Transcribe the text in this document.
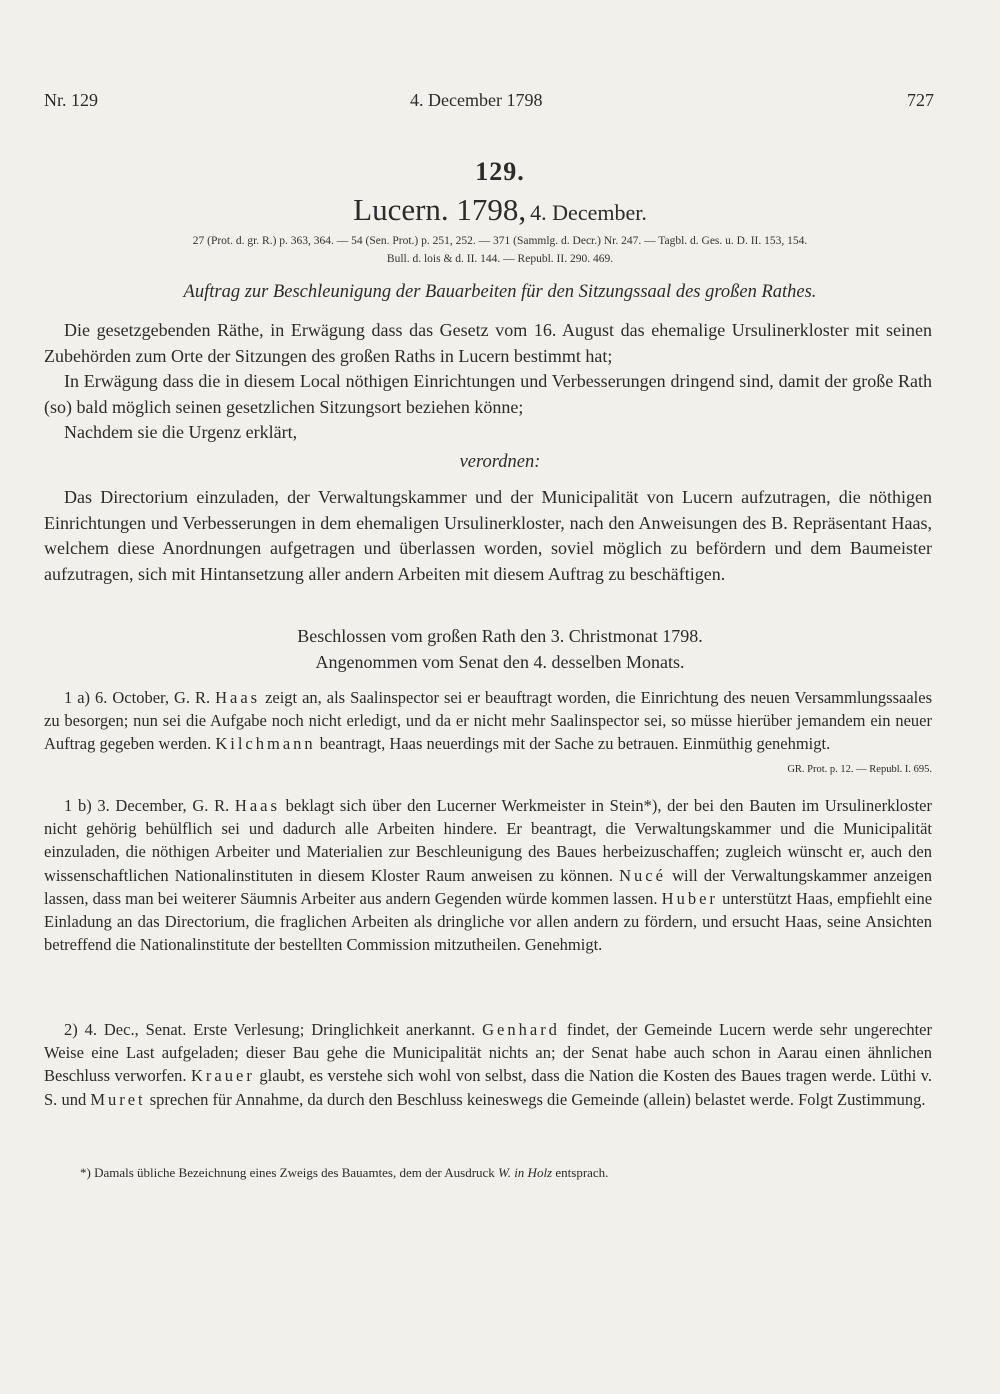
Nr. 129	4. December 1798	727
129.
Lucern. 1798, 4. December.
27 (Prot. d. gr. R.) p. 363, 364. — 54 (Sen. Prot.) p. 251, 252. — 371 (Sammlg. d. Decr.) Nr. 247. — Tagbl. d. Ges. u. D. II. 153, 154.
Bull. d. lois & d. II. 144. — Republ. II. 290. 469.
Auftrag zur Beschleunigung der Bauarbeiten für den Sitzungssaal des großen Rathes.

Die gesetzgebenden Räthe, in Erwägung dass das Gesetz vom 16. August das ehemalige Ursulinerkloster mit seinen Zubehörden zum Orte der Sitzungen des großen Raths in Lucern bestimmt hat;

In Erwägung dass die in diesem Local nöthigen Einrichtungen und Verbesserungen dringend sind, damit der große Rath (so) bald möglich seinen gesetzlichen Sitzungsort beziehen könne;

Nachdem sie die Urgenz erklärt,

verordnen:

Das Directorium einzuladen, der Verwaltungskammer und der Municipalität von Lucern aufzutragen, die nöthigen Einrichtungen und Verbesserungen in dem ehemaligen Ursulinerkloster, nach den Anweisungen des B. Repräsentant Haas, welchem diese Anordnungen aufgetragen und überlassen worden, soviel möglich zu befördern und dem Baumeister aufzutragen, sich mit Hintansetzung aller andern Arbeiten mit diesem Auftrag zu beschäftigen.

Beschlossen vom großen Rath den 3. Christmonat 1798.
Angenommen vom Senat den 4. desselben Monats.

1 a) 6. October, G. R. Haas zeigt an, als Saalinspector sei er beauftragt worden, die Einrichtung des neuen Versammlungssaales zu besorgen; nun sei die Aufgabe noch nicht erledigt, und da er nicht mehr Saalinspector sei, so müsse hierüber jemandem ein neuer Auftrag gegeben werden. Kilchmann beantragt, Haas neuerdings mit der Sache zu betrauen. Einmüthig genehmigt.
GR. Prot. p. 12. — Republ. I. 695.

1 b) 3. December, G. R. Haas beklagt sich über den Lucerner Werkmeister in Stein*), der bei den Bauten im Ursulinerkloster nicht gehörig behülflich sei und dadurch alle Arbeiten hindere. Er beantragt, die Verwaltungskammer und die Municipalität einzuladen, die nöthigen Arbeiter und Materialien zur Beschleunigung des Baues herbeizuschaffen; zugleich wünscht er, auch den wissenschaftlichen Nationalinstituten in diesem Kloster Raum anweisen zu können. Nucé will der Verwaltungskammer anzeigen lassen, dass man bei weiterer Säumnis Arbeiter aus andern Gegenden würde kommen lassen. Huber unterstützt Haas, empfiehlt eine Einladung an das Directorium, die fraglichen Arbeiten als dringliche vor allen andern zu fördern, und ersucht Haas, seine Ansichten betreffend die Nationalinstitute der bestellten Commission mitzutheilen. Genehmigt.

2) 4. Dec., Senat. Erste Verlesung; Dringlichkeit anerkannt. Genhard findet, der Gemeinde Lucern werde sehr ungerechter Weise eine Last aufgeladen; dieser Bau gehe die Municipalität nichts an; der Senat habe auch schon in Aarau einen ähnlichen Beschluss verworfen. Krauer glaubt, es verstehe sich wohl von selbst, dass die Nation die Kosten des Baues tragen werde. Lüthi v. S. und Muret sprechen für Annahme, da durch den Beschluss keineswegs die Gemeinde (allein) belastet werde. Folgt Zustimmung.

*) Damals übliche Bezeichnung eines Zweigs des Bauamtes, dem der Ausdruck W. in Holz entsprach.
